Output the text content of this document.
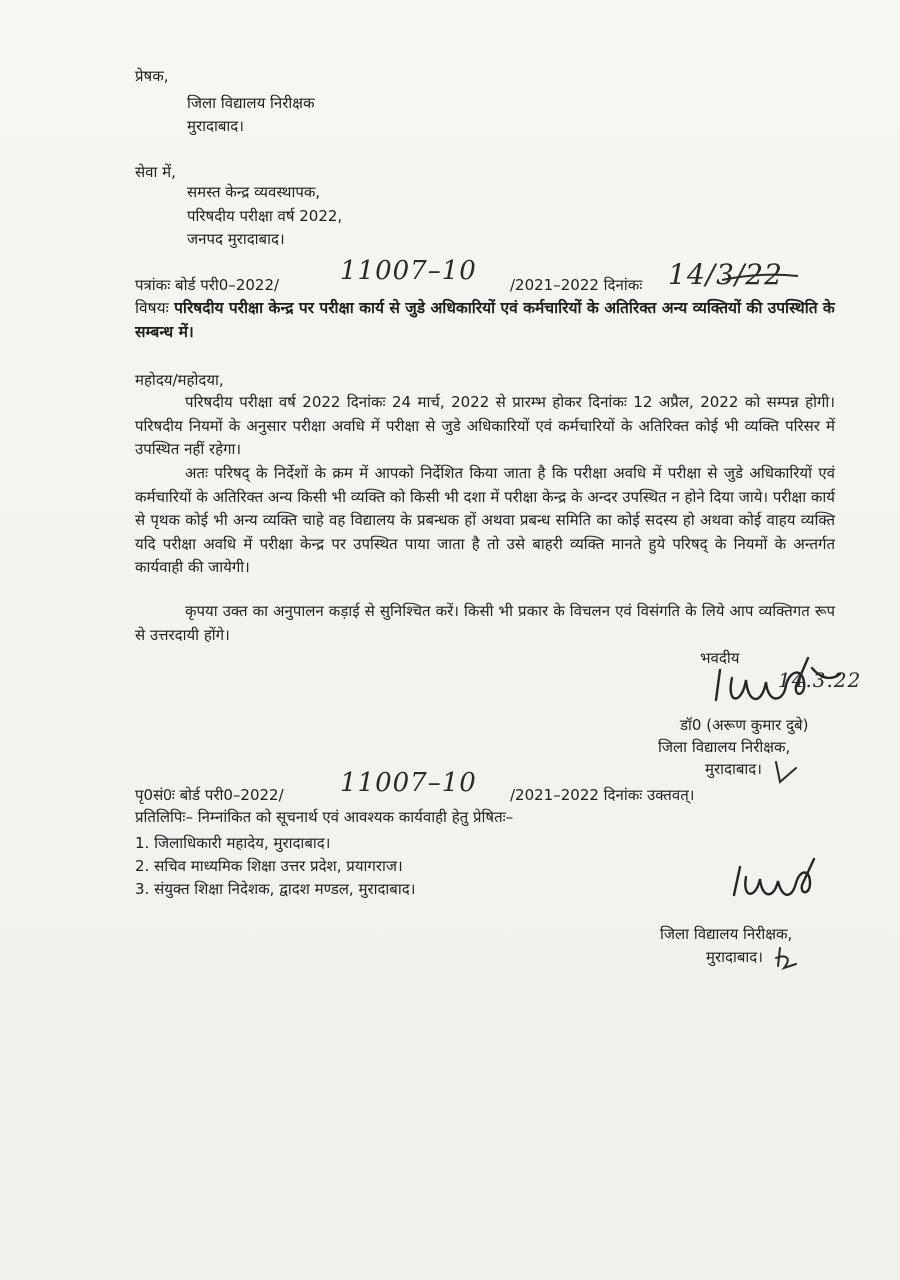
प्रेषक,
जिला विद्यालय निरीक्षक
मुरादाबाद।
सेवा में,
समस्त केन्द्र व्यवस्थापक,
परिषदीय परीक्षा वर्ष 2022,
जनपद मुरादाबाद।
पत्रांकः बोर्ड परी0–2022/ 11007–10 /2021–2022 दिनांकः 14/3/22
विषयः परिषदीय परीक्षा केन्द्र पर परीक्षा कार्य से जुडे अधिकारियों एवं कर्मचारियों के अतिरिक्त अन्य व्यक्तियों की उपस्थिति के सम्बन्ध में।
महोदय/महोदया,
परिषदीय परीक्षा वर्ष 2022 दिनांकः 24 मार्च, 2022 से प्रारम्भ होकर दिनांकः 12 अप्रैल, 2022 को सम्पन्न होगी। परिषदीय नियमों के अनुसार परीक्षा अवधि में परीक्षा से जुडे अधिकारियों एवं कर्मचारियों के अतिरिक्त कोई भी व्यक्ति परिसर में उपस्थित नहीं रहेगा।
अतः परिषद् के निर्देशों के क्रम में आपको निर्देशित किया जाता है कि परीक्षा अवधि में परीक्षा से जुडे अधिकारियों एवं कर्मचारियों के अतिरिक्त अन्य किसी भी व्यक्ति को किसी भी दशा में परीक्षा केन्द्र के अन्दर उपस्थित न होने दिया जाये। परीक्षा कार्य से पृथक कोई भी अन्य व्यक्ति चाहे वह विद्यालय के प्रबन्धक हों अथवा प्रबन्ध समिति का कोई सदस्य हो अथवा कोई वाहय व्यक्ति यदि परीक्षा अवधि में परीक्षा केन्द्र पर उपस्थित पाया जाता है तो उसे बाहरी व्यक्ति मानते हुये परिषद् के नियमों के अन्तर्गत कार्यवाही की जायेगी।
कृपया उक्त का अनुपालन कड़ाई से सुनिश्चित करें। किसी भी प्रकार के विचलन एवं विसंगति के लिये आप व्यक्तिगत रूप से उत्तरदायी होंगे।
भवदीय
14.3.22
डॉ0 (अरूण कुमार दुबे)
जिला विद्यालय निरीक्षक,
मुरादाबाद।
पृ0सं0ः बोर्ड परी0–2022/ 11007–10 /2021–2022 दिनांकः उक्तवत्।
प्रतिलिपिः– निम्नांकित को सूचनार्थ एवं आवश्यक कार्यवाही हेतु प्रेषितः–
1. जिलाधिकारी महादेय, मुरादाबाद।
2. सचिव माध्यमिक शिक्षा उत्तर प्रदेश, प्रयागराज।
3. संयुक्त शिक्षा निदेशक, द्वादश मण्डल, मुरादाबाद।
जिला विद्यालय निरीक्षक,
मुरादाबाद।
